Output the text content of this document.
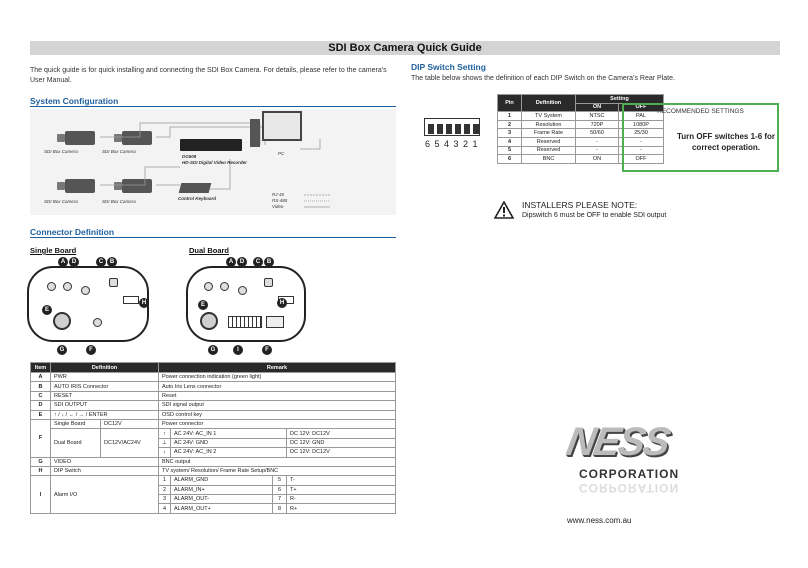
SDI Box Camera Quick Guide
The quick guide is for quick installing and connecting the SDI Box Camera. For details, please refer to the camera’s User Manual.
System Configuration
SDI Box Camera	SDI Box Camera
SDI Box Camera	SDI Box Camera
DG508
HD-SDI Digital Video Recorder
PC
Control Keyboard
RJ-45
RS-485
Video
Connector Definition
Single Board	Dual Board
A	D	C	B
E
H
G	F
A	D	C	B
E	H
G	I	F
Item	Definition		Remark			
A	PWR		Power connection indication (green light)			
B	AUTO IRIS Connector		Auto Iris Lens connector			
C	RESET		Reset			
D	SDI OUTPUT		SDI signal output			
E	↑ / ↓ / ← / → / ENTER		OSD control key			
F	Single Board	DC12V	Power connector			
	Dual Board	DC12V/AC24V	↑	AC 24V: AC_IN 1		DC 12V: DC12V
			⊥	AC 24V: GND		DC 12V: GND
			↓	AC 24V: AC_IN 2		DC 12V: DC12V
G	VIDEO		BNC output			
H	DIP Switch		TV system/ Resolution/ Frame Rate Setup/BNC			
I	Alarm I/O		1	ALARM_GND	5	T-
			2	ALARM_IN+	6	T+
			3	ALARM_OUT-	7	R-
			4	ALARM_OUT+	8	R+
DIP Switch Setting
The table below shows the definition of each DIP Switch on the Camera’s Rear Plate.
6 5 4 3 2 1
Pin	Definition	Setting	
		ON	OFF
1	TV System	NTSC	PAL
2	Resolution	720P	1080P
3	Frame Rate	50/60	25/30
4	Reserved	-	-
5	Reserved	-	-
6	BNC	ON	OFF
RECOMMENDED SETTINGS
Turn OFF switches 1-6 for correct operation.
INSTALLERS PLEASE NOTE:
Dipswitch 6 must be OFF to enable SDI output
NESS
CORPORATION
CORPORATION
www.ness.com.au
